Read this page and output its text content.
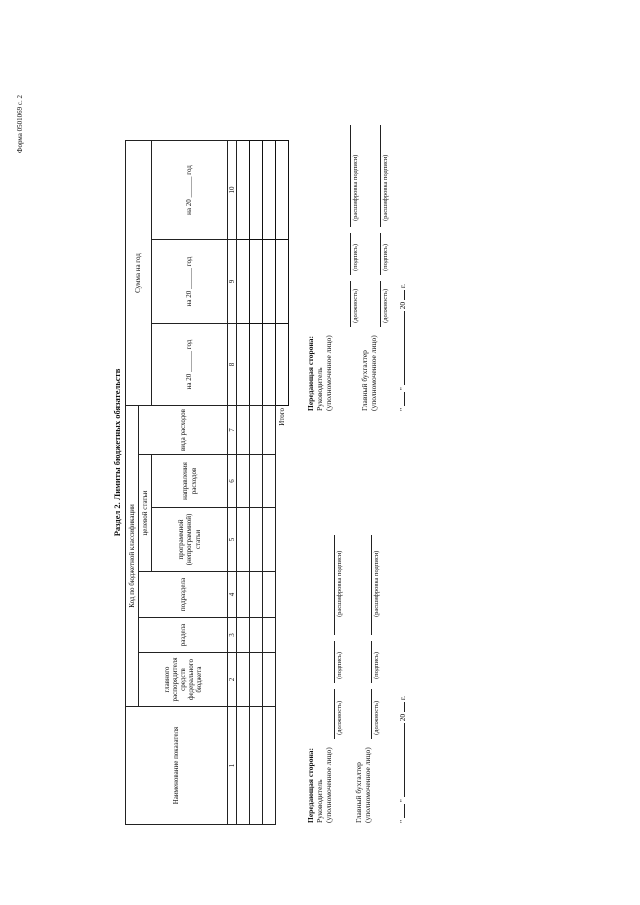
Форма 0501069 с. 2
Раздел 2. Лимиты бюджетных обязательств
Наименование показателя	Код по бюджетной классификации						Сумма на год		
	главного распорядителя средств федерального бюджета	раздела	подраздела	целевой статьи		вида расходов			
				программной (непрограммной) статьи	направления расходов		на 20 ______ год	на 20 ______ год	на 20 ______ год
1	2	3	4	5	6	7	8	9	10

						Итого			
Передающая сторона: Руководитель (уполномоченное лицо)
(должность)
(подпись)
(расшифровка подписи)
Главный бухгалтер (уполномоченное лицо)
(должность)
(подпись)
(расшифровка подписи)
"  "  20  г.
Передающая сторона: Руководитель (уполномоченное лицо)
(должность)
(подпись)
(расшифровка подписи)
Главный бухгалтер (уполномоченное лицо)
(должность)
(подпись)
(расшифровка подписи)
"  "  20  г.
